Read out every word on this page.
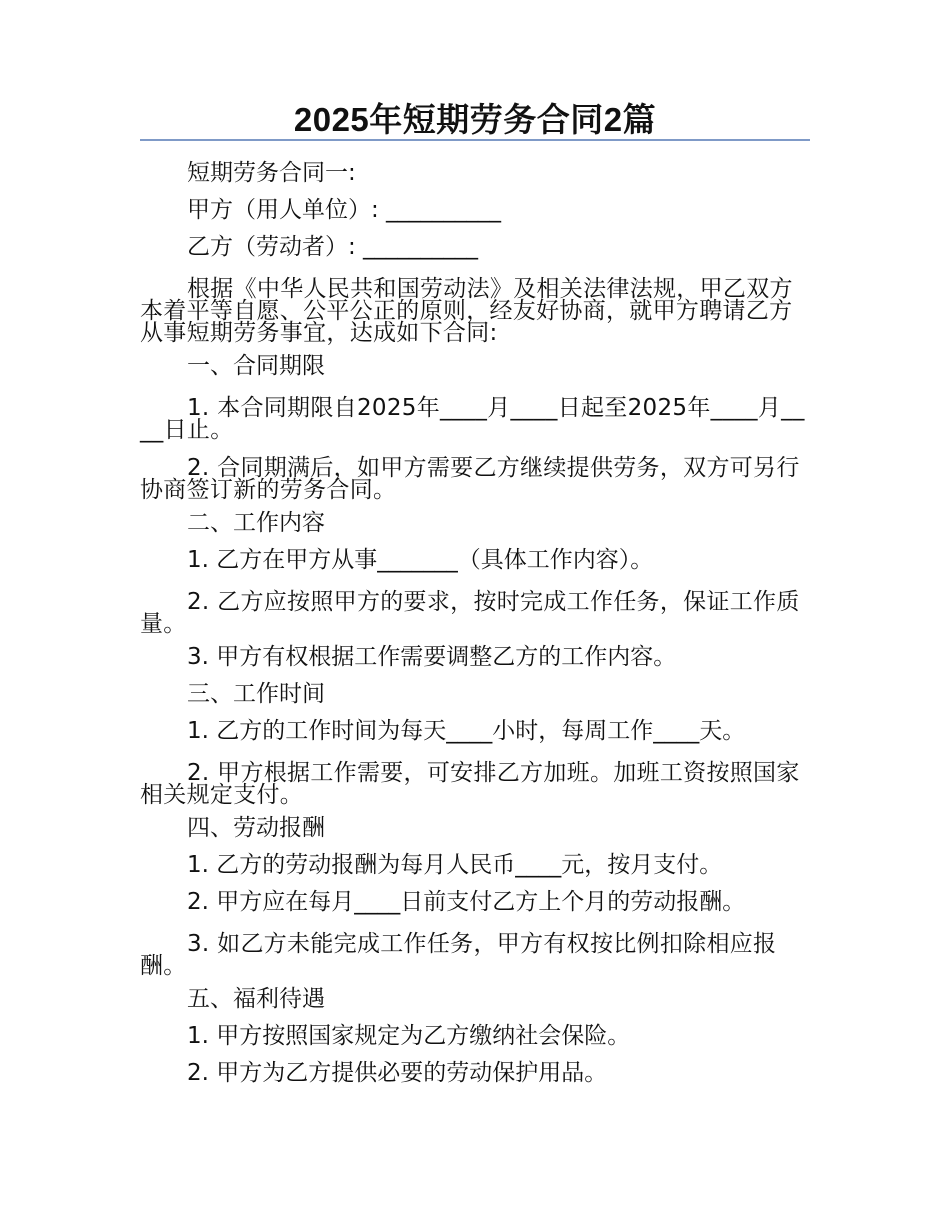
2025年短期劳务合同2篇

短期劳务合同一:

甲方（用人单位）: __________

乙方（劳动者）: __________

根据《中华人民共和国劳动法》及相关法律法规，甲乙双方本着平等自愿、公平公正的原则，经友好协商，就甲方聘请乙方从事短期劳务事宜，达成如下合同:

一、合同期限

1. 本合同期限自2025年____月____日起至2025年____月____日止。

2. 合同期满后，如甲方需要乙方继续提供劳务，双方可另行协商签订新的劳务合同。

二、工作内容

1. 乙方在甲方从事_______（具体工作内容）。

2. 乙方应按照甲方的要求，按时完成工作任务，保证工作质量。

3. 甲方有权根据工作需要调整乙方的工作内容。

三、工作时间

1. 乙方的工作时间为每天____小时，每周工作____天。

2. 甲方根据工作需要，可安排乙方加班。加班工资按照国家相关规定支付。

四、劳动报酬

1. 乙方的劳动报酬为每月人民币____元，按月支付。

2. 甲方应在每月____日前支付乙方上个月的劳动报酬。

3. 如乙方未能完成工作任务，甲方有权按比例扣除相应报酬。

五、福利待遇

1. 甲方按照国家规定为乙方缴纳社会保险。

2. 甲方为乙方提供必要的劳动保护用品。
